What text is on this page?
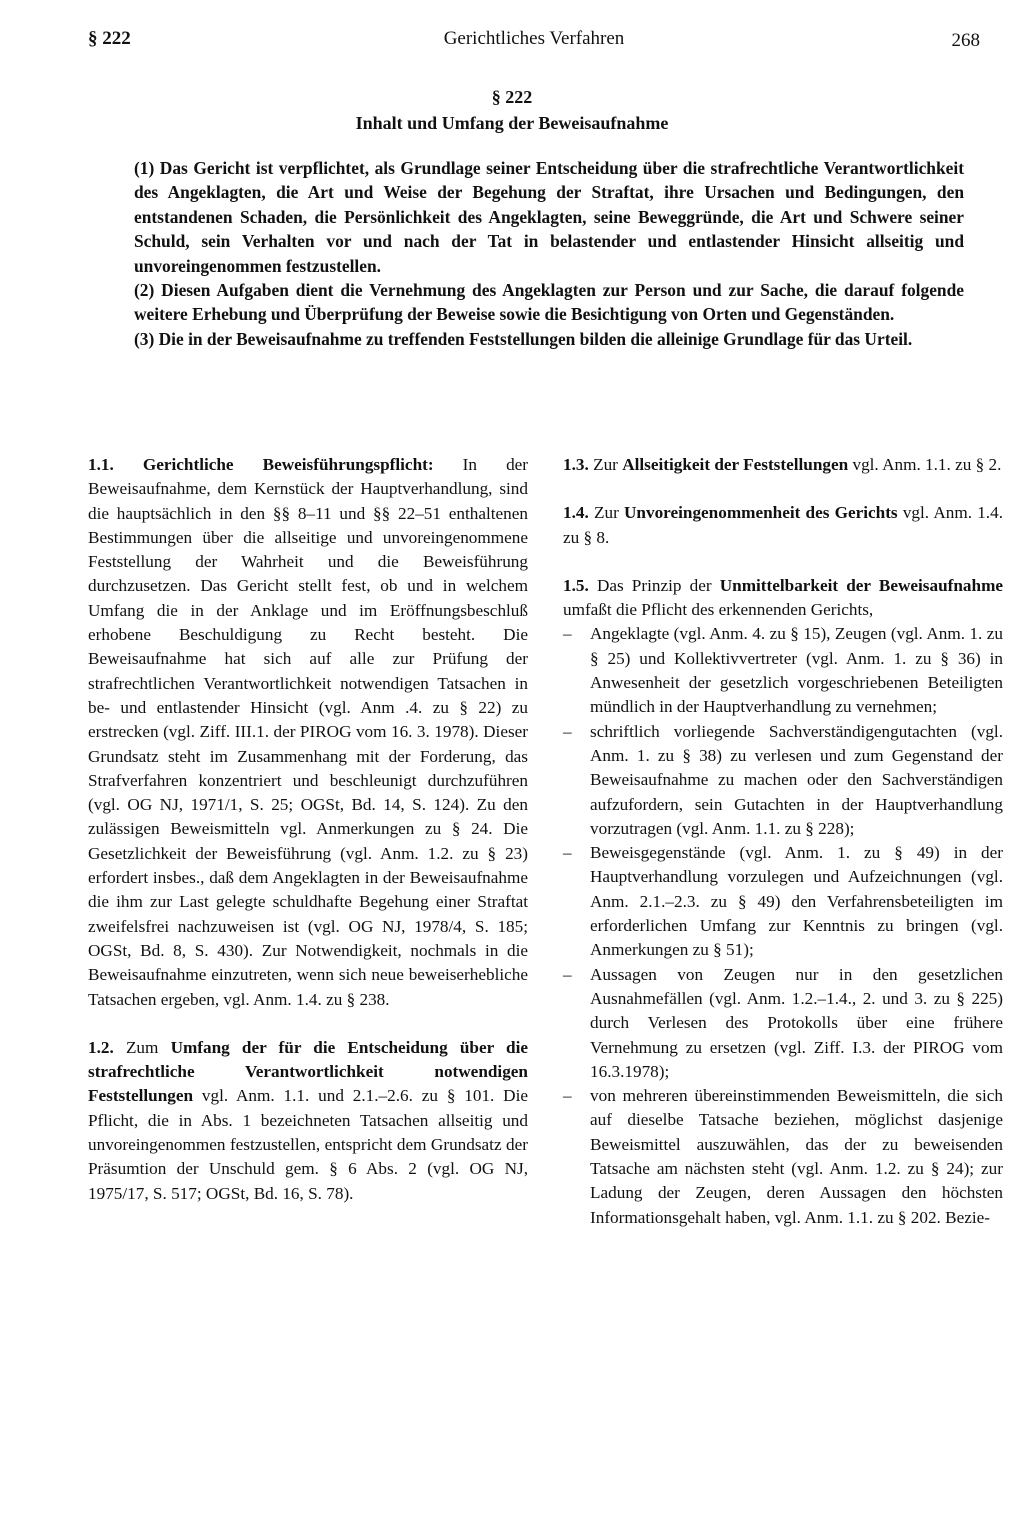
§ 222	Gerichtliches Verfahren	268
§ 222
Inhalt und Umfang der Beweisaufnahme

(1) Das Gericht ist verpflichtet, als Grundlage seiner Entscheidung über die strafrechtliche Verantwortlichkeit des Angeklagten, die Art und Weise der Begehung der Straftat, ihre Ursachen und Bedingungen, den entstandenen Schaden, die Persönlichkeit des Angeklagten, seine Beweggründe, die Art und Schwere seiner Schuld, sein Verhalten vor und nach der Tat in belastender und entlastender Hinsicht allseitig und unvoreingenommen festzustellen.

(2) Diesen Aufgaben dient die Vernehmung des Angeklagten zur Person und zur Sache, die darauf folgende weitere Erhebung und Überprüfung der Beweise sowie die Besichtigung von Orten und Gegenständen.

(3) Die in der Beweisaufnahme zu treffenden Feststellungen bilden die alleinige Grundlage für das Urteil.

1.1. Gerichtliche Beweisführungspflicht: In der Beweisaufnahme, dem Kernstück der Hauptverhandlung, sind die hauptsächlich in den §§ 8–11 und §§ 22–51 enthaltenen Bestimmungen über die allseitige und unvoreingenommene Feststellung der Wahrheit und die Beweisführung durchzusetzen. Das Gericht stellt fest, ob und in welchem Umfang die in der Anklage und im Eröffnungsbeschluß erhobene Beschuldigung zu Recht besteht. Die Beweisaufnahme hat sich auf alle zur Prüfung der strafrechtlichen Verantwortlichkeit notwendigen Tatsachen in be- und entlastender Hinsicht (vgl. Anm .4. zu § 22) zu erstrecken (vgl. Ziff. III.1. der PIROG vom 16. 3. 1978). Dieser Grundsatz steht im Zusammenhang mit der Forderung, das Strafverfahren konzentriert und beschleunigt durchzuführen (vgl. OG NJ, 1971/1, S. 25; OGSt, Bd. 14, S. 124). Zu den zulässigen Beweismitteln vgl. Anmerkungen zu § 24. Die Gesetzlichkeit der Beweisführung (vgl. Anm. 1.2. zu § 23) erfordert insbes., daß dem Angeklagten in der Beweisaufnahme die ihm zur Last gelegte schuldhafte Begehung einer Straftat zweifelsfrei nachzuweisen ist (vgl. OG NJ, 1978/4, S. 185; OGSt, Bd. 8, S. 430). Zur Notwendigkeit, nochmals in die Beweisaufnahme einzutreten, wenn sich neue beweiserhebliche Tatsachen ergeben, vgl. Anm. 1.4. zu § 238.

1.2. Zum Umfang der für die Entscheidung über die strafrechtliche Verantwortlichkeit notwendigen Feststellungen vgl. Anm. 1.1. und 2.1.–2.6. zu § 101. Die Pflicht, die in Abs. 1 bezeichneten Tatsachen allseitig und unvoreingenommen festzustellen, entspricht dem Grundsatz der Präsumtion der Unschuld gem. § 6 Abs. 2 (vgl. OG NJ, 1975/17, S. 517; OGSt, Bd. 16, S. 78).

1.3. Zur Allseitigkeit der Feststellungen vgl. Anm. 1.1. zu § 2.

1.4. Zur Unvoreingenommenheit des Gerichts vgl. Anm. 1.4. zu § 8.

1.5. Das Prinzip der Unmittelbarkeit der Beweisaufnahme umfaßt die Pflicht des erkennenden Gerichts,
– Angeklagte (vgl. Anm. 4. zu § 15), Zeugen (vgl. Anm. 1. zu § 25) und Kollektivvertreter (vgl. Anm. 1. zu § 36) in Anwesenheit der gesetzlich vorgeschriebenen Beteiligten mündlich in der Hauptverhandlung zu vernehmen;
– schriftlich vorliegende Sachverständigengutachten (vgl. Anm. 1. zu § 38) zu verlesen und zum Gegenstand der Beweisaufnahme zu machen oder den Sachverständigen aufzufordern, sein Gutachten in der Hauptverhandlung vorzutragen (vgl. Anm. 1.1. zu § 228);
– Beweisgegenstände (vgl. Anm. 1. zu § 49) in der Hauptverhandlung vorzulegen und Aufzeichnungen (vgl. Anm. 2.1.–2.3. zu § 49) den Verfahrensbeteiligten im erforderlichen Umfang zur Kenntnis zu bringen (vgl. Anmerkungen zu § 51);
– Aussagen von Zeugen nur in den gesetzlichen Ausnahmefällen (vgl. Anm. 1.2.–1.4., 2. und 3. zu § 225) durch Verlesen des Protokolls über eine frühere Vernehmung zu ersetzen (vgl. Ziff. I.3. der PIROG vom 16.3.1978);
– von mehreren übereinstimmenden Beweismitteln, die sich auf dieselbe Tatsache beziehen, möglichst dasjenige Beweismittel auszuwählen, das der zu beweisenden Tatsache am nächsten steht (vgl. Anm. 1.2. zu § 24); zur Ladung der Zeugen, deren Aussagen den höchsten Informationsgehalt haben, vgl. Anm. 1.1. zu § 202. Bezie-
